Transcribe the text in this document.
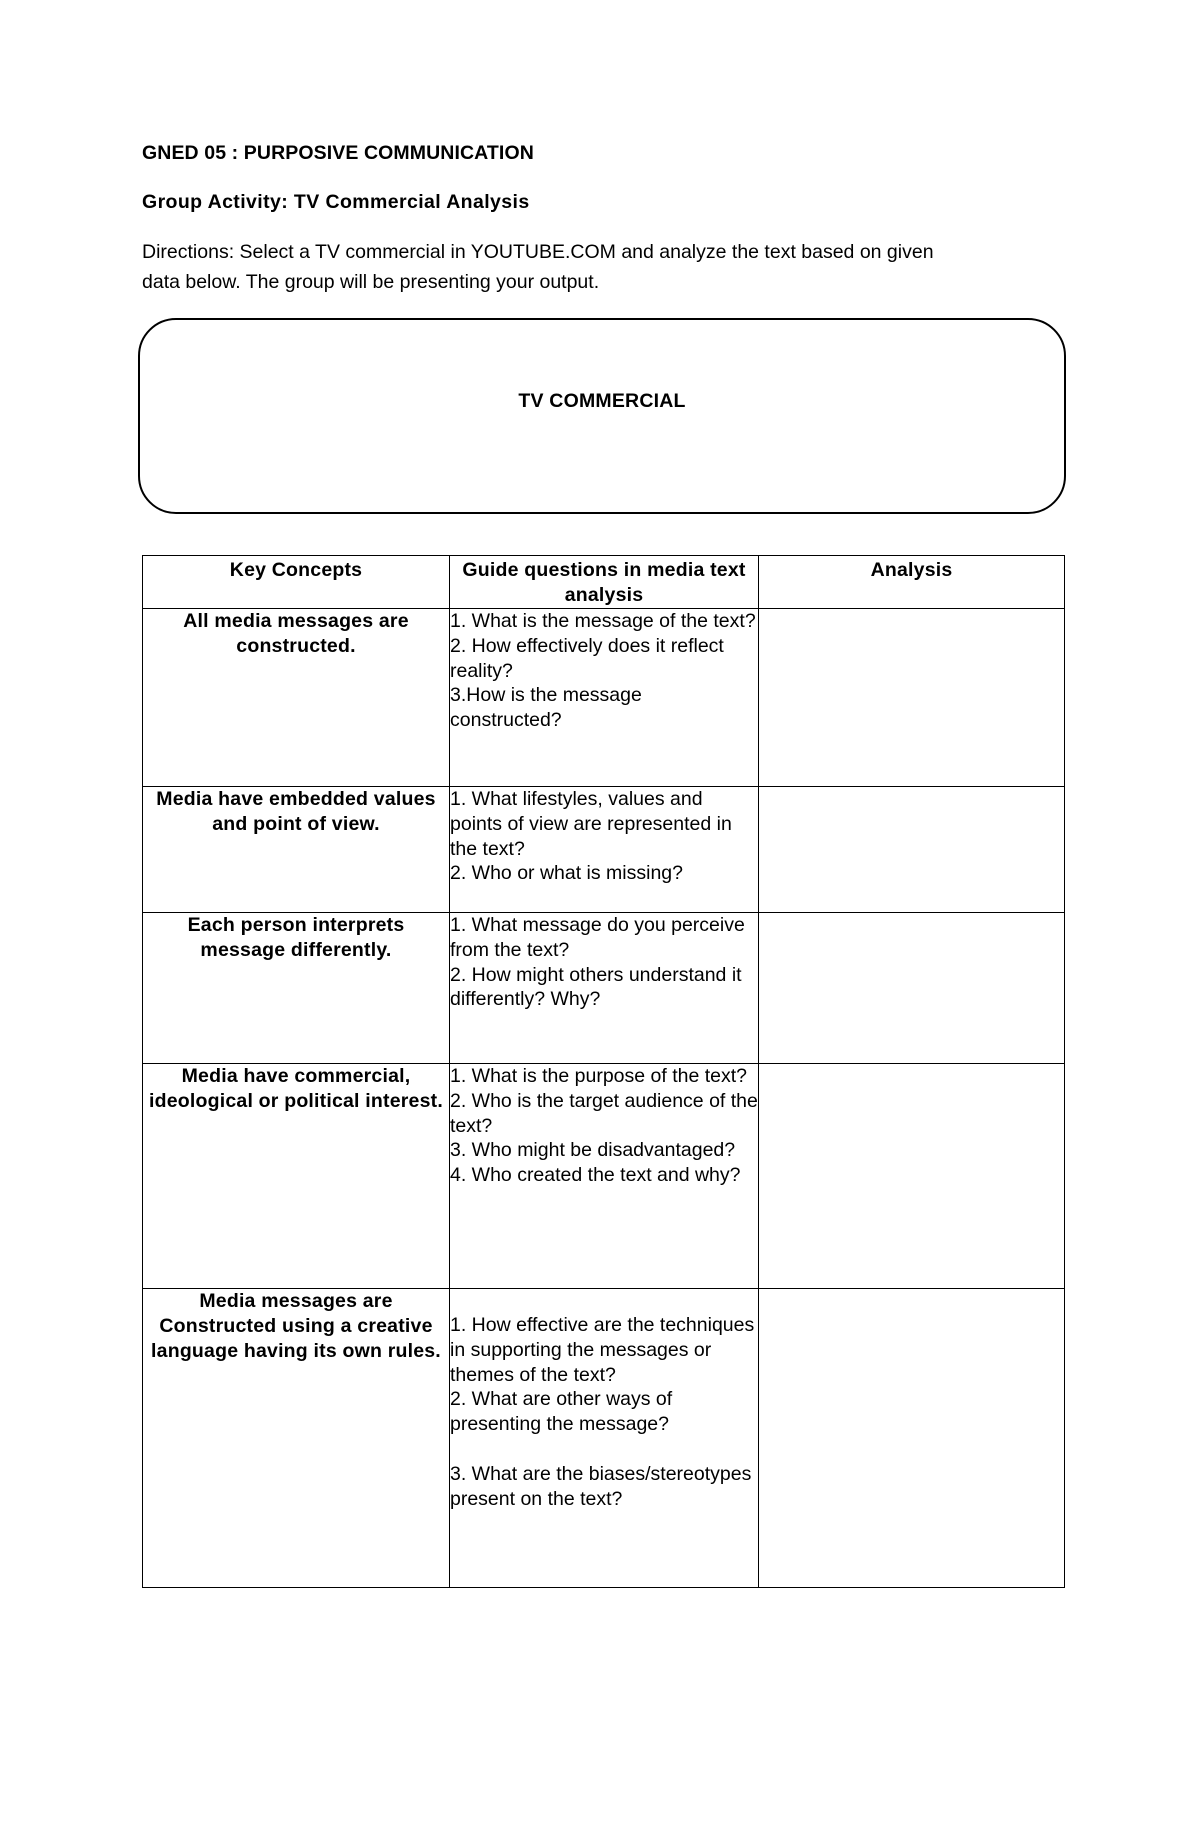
GNED 05 : PURPOSIVE COMMUNICATION
Group Activity: TV Commercial Analysis
Directions: Select a TV commercial in YOUTUBE.COM and analyze the text based on given
data below. The group will be presenting your output.
TV COMMERCIAL
Key Concepts	Guide questions in media text analysis	Analysis
All media messages are constructed.	1. What is the message of the text?
2. How effectively does it reflect reality?
3.How is the message constructed?	

Media have embedded values and point of view.	1. What lifestyles, values and points of view are represented in the text?
2. Who or what is missing?	

Each person interprets message differently.	1. What message do you perceive from the text?
2. How might others understand it differently? Why?	

Media have commercial, ideological or political interest.	1. What is the purpose of the text?
2. Who is the target audience of the text?
3. Who might be disadvantaged?
4. Who created the text and why?	

Media messages are Constructed using a creative language having its own rules.	1. How effective are the techniques in supporting the messages or themes of the text?
2. What are other ways of presenting the message?
3. What are the biases/stereotypes present on the text?	
